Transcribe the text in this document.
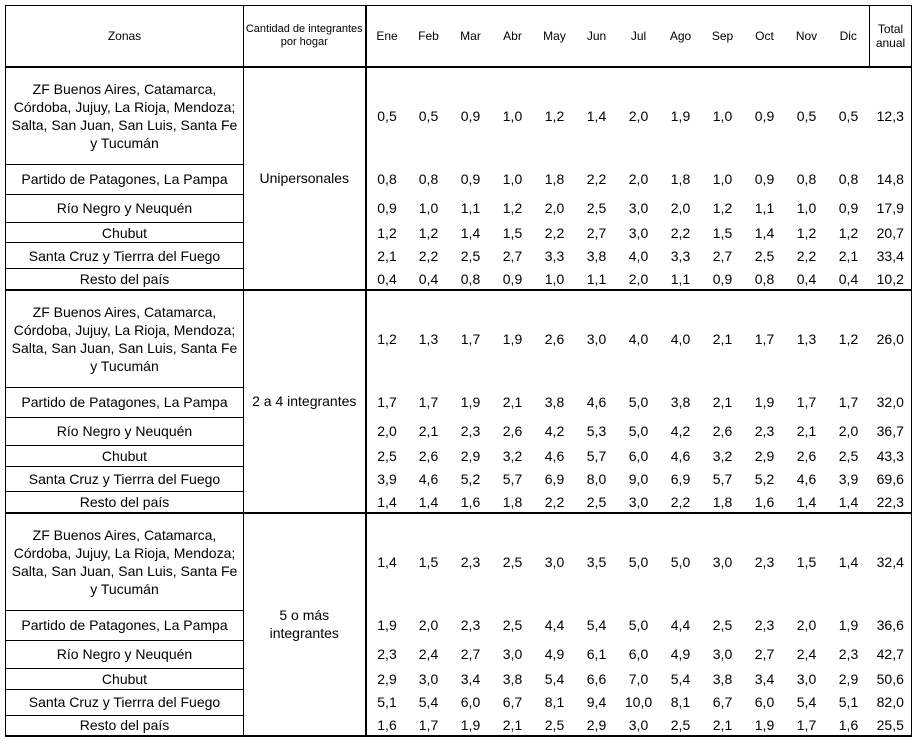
Zonas	Cantidad de integrantes por hogar	Ene	Feb	Mar	Abr	May	Jun	Jul	Ago	Sep	Oct	Nov	Dic	Total anual
ZF Buenos Aires, Catamarca, Córdoba, Jujuy, La Rioja, Mendoza; Salta, San Juan, San Luis, Santa Fe y Tucumán	Unipersonales	0,5	0,5	0,9	1,0	1,2	1,4	2,0	1,9	1,0	0,9	0,5	0,5	12,3
Partido de Patagones, La Pampa		0,8	0,8	0,9	1,0	1,8	2,2	2,0	1,8	1,0	0,9	0,8	0,8	14,8
Río Negro y Neuquén		0,9	1,0	1,1	1,2	2,0	2,5	3,0	2,0	1,2	1,1	1,0	0,9	17,9
Chubut		1,2	1,2	1,4	1,5	2,2	2,7	3,0	2,2	1,5	1,4	1,2	1,2	20,7
Santa Cruz y Tierrra del Fuego		2,1	2,2	2,5	2,7	3,3	3,8	4,0	3,3	2,7	2,5	2,2	2,1	33,4
Resto del país		0,4	0,4	0,8	0,9	1,0	1,1	2,0	1,1	0,9	0,8	0,4	0,4	10,2
ZF Buenos Aires, Catamarca, Córdoba, Jujuy, La Rioja, Mendoza; Salta, San Juan, San Luis, Santa Fe y Tucumán	2 a 4 integrantes	1,2	1,3	1,7	1,9	2,6	3,0	4,0	4,0	2,1	1,7	1,3	1,2	26,0
Partido de Patagones, La Pampa		1,7	1,7	1,9	2,1	3,8	4,6	5,0	3,8	2,1	1,9	1,7	1,7	32,0
Río Negro y Neuquén		2,0	2,1	2,3	2,6	4,2	5,3	5,0	4,2	2,6	2,3	2,1	2,0	36,7
Chubut		2,5	2,6	2,9	3,2	4,6	5,7	6,0	4,6	3,2	2,9	2,6	2,5	43,3
Santa Cruz y Tierrra del Fuego		3,9	4,6	5,2	5,7	6,9	8,0	9,0	6,9	5,7	5,2	4,6	3,9	69,6
Resto del país		1,4	1,4	1,6	1,8	2,2	2,5	3,0	2,2	1,8	1,6	1,4	1,4	22,3
ZF Buenos Aires, Catamarca, Córdoba, Jujuy, La Rioja, Mendoza; Salta, San Juan, San Luis, Santa Fe y Tucumán	5 o más integrantes	1,4	1,5	2,3	2,5	3,0	3,5	5,0	5,0	3,0	2,3	1,5	1,4	32,4
Partido de Patagones, La Pampa		1,9	2,0	2,3	2,5	4,4	5,4	5,0	4,4	2,5	2,3	2,0	1,9	36,6
Río Negro y Neuquén		2,3	2,4	2,7	3,0	4,9	6,1	6,0	4,9	3,0	2,7	2,4	2,3	42,7
Chubut		2,9	3,0	3,4	3,8	5,4	6,6	7,0	5,4	3,8	3,4	3,0	2,9	50,6
Santa Cruz y Tierrra del Fuego		5,1	5,4	6,0	6,7	8,1	9,4	10,0	8,1	6,7	6,0	5,4	5,1	82,0
Resto del país		1,6	1,7	1,9	2,1	2,5	2,9	3,0	2,5	2,1	1,9	1,7	1,6	25,5
